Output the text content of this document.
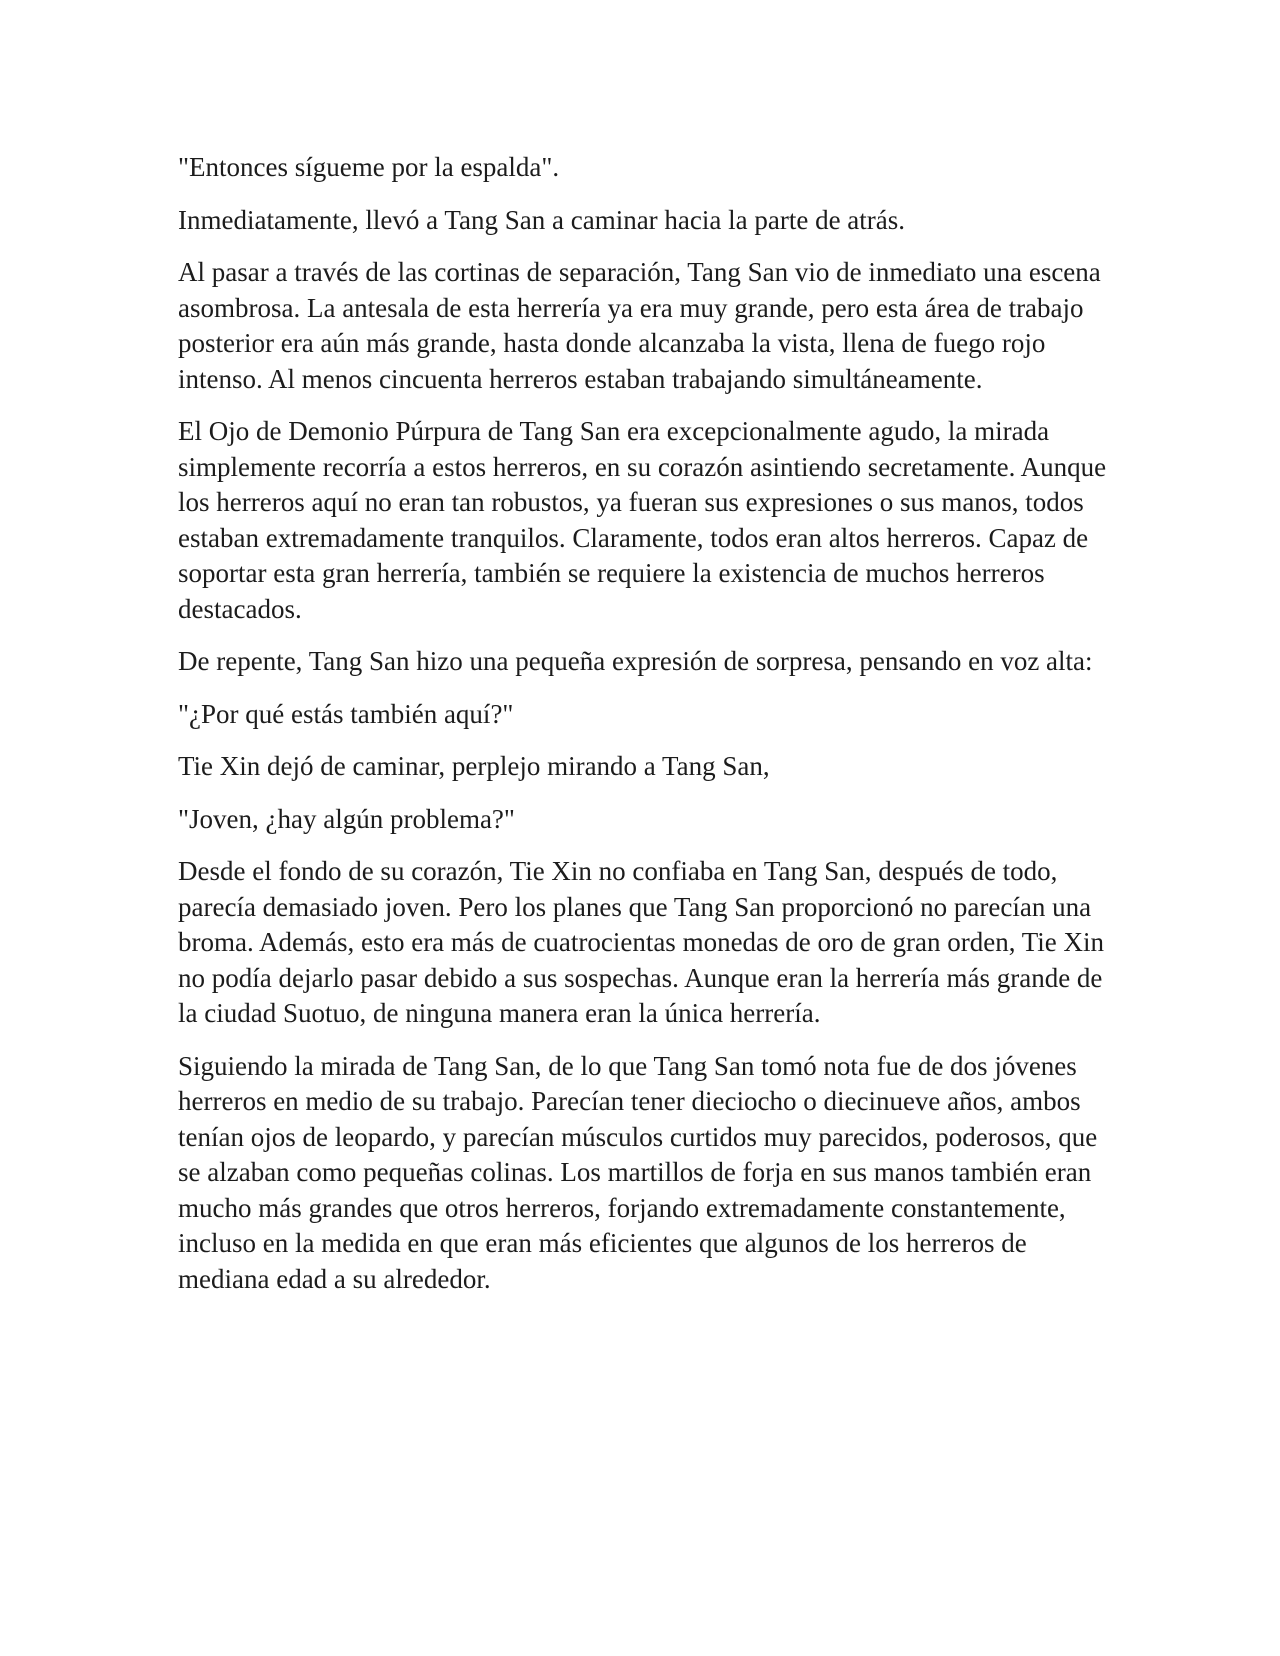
"Entonces sígueme por la espalda".

Inmediatamente, llevó a Tang San a caminar hacia la parte de atrás.

Al pasar a través de las cortinas de separación, Tang San vio de inmediato una escena asombrosa. La antesala de esta herrería ya era muy grande, pero esta área de trabajo posterior era aún más grande, hasta donde alcanzaba la vista, llena de fuego rojo intenso. Al menos cincuenta herreros estaban trabajando simultáneamente.

El Ojo de Demonio Púrpura de Tang San era excepcionalmente agudo, la mirada simplemente recorría a estos herreros, en su corazón asintiendo secretamente. Aunque los herreros aquí no eran tan robustos, ya fueran sus expresiones o sus manos, todos estaban extremadamente tranquilos. Claramente, todos eran altos herreros. Capaz de soportar esta gran herrería, también se requiere la existencia de muchos herreros destacados.

De repente, Tang San hizo una pequeña expresión de sorpresa, pensando en voz alta:

"¿Por qué estás también aquí?"

Tie Xin dejó de caminar, perplejo mirando a Tang San,

"Joven, ¿hay algún problema?"

Desde el fondo de su corazón, Tie Xin no confiaba en Tang San, después de todo, parecía demasiado joven. Pero los planes que Tang San proporcionó no parecían una broma. Además, esto era más de cuatrocientas monedas de oro de gran orden, Tie Xin no podía dejarlo pasar debido a sus sospechas. Aunque eran la herrería más grande de la ciudad Suotuo, de ninguna manera eran la única herrería.

Siguiendo la mirada de Tang San, de lo que Tang San tomó nota fue de dos jóvenes herreros en medio de su trabajo. Parecían tener dieciocho o diecinueve años, ambos tenían ojos de leopardo, y parecían músculos curtidos muy parecidos, poderosos, que se alzaban como pequeñas colinas. Los martillos de forja en sus manos también eran mucho más grandes que otros herreros, forjando extremadamente constantemente, incluso en la medida en que eran más eficientes que algunos de los herreros de mediana edad a su alrededor.
